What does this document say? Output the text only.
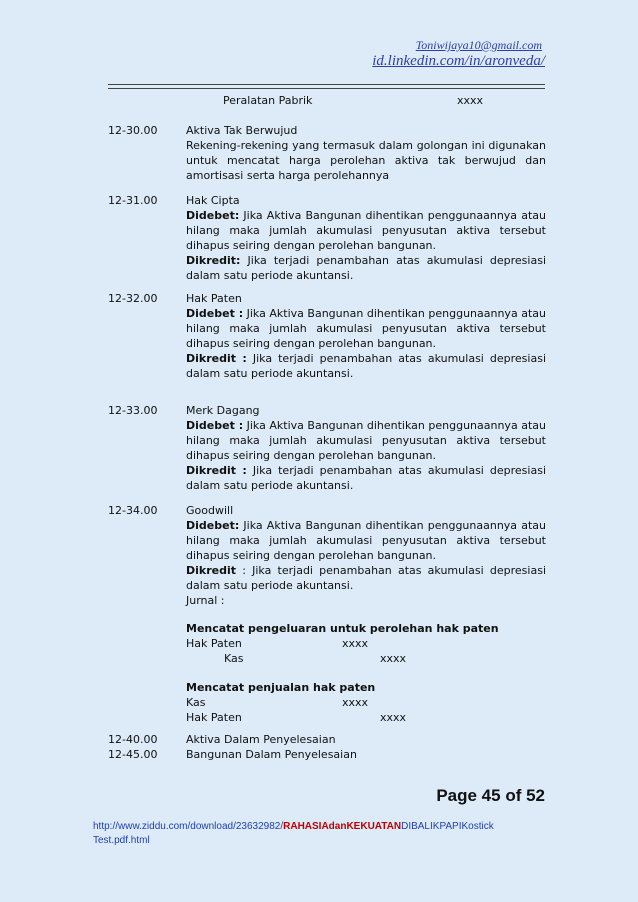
Toniwijaya10@gmail.com
id.linkedin.com/in/aronveda/
Peralatan Pabrik	xxxx
12-30.00	Aktiva Tak Berwujud
Rekening-rekening yang termasuk dalam golongan ini digunakan untuk mencatat harga perolehan aktiva tak berwujud dan amortisasi serta harga perolehannya
12-31.00	Hak Cipta
Didebet: Jika Aktiva Bangunan dihentikan penggunaannya atau hilang maka jumlah akumulasi penyusutan aktiva tersebut dihapus seiring dengan perolehan bangunan.
Dikredit: Jika terjadi penambahan atas akumulasi depresiasi dalam satu periode akuntansi.
12-32.00	Hak Paten
Didebet : Jika Aktiva Bangunan dihentikan penggunaannya atau hilang maka jumlah akumulasi penyusutan aktiva tersebut dihapus seiring dengan perolehan bangunan.
Dikredit : Jika terjadi penambahan atas akumulasi depresiasi dalam satu periode akuntansi.
12-33.00	Merk Dagang
Didebet : Jika Aktiva Bangunan dihentikan penggunaannya atau hilang maka jumlah akumulasi penyusutan aktiva tersebut dihapus seiring dengan perolehan bangunan.
Dikredit : Jika terjadi penambahan atas akumulasi depresiasi dalam satu periode akuntansi.
12-34.00	Goodwill
Didebet: Jika Aktiva Bangunan dihentikan penggunaannya atau hilang maka jumlah akumulasi penyusutan aktiva tersebut dihapus seiring dengan perolehan bangunan.
Dikredit : Jika terjadi penambahan atas akumulasi depresiasi dalam satu periode akuntansi.
Jurnal :
Mencatat pengeluaran untuk perolehan hak paten
Hak Paten	xxxx

Kas	xxxx

Mencatat penjualan hak paten
Kas	xxxx

Hak Paten	xxxx

12-40.00	Aktiva Dalam Penyelesaian
12-45.00	Bangunan Dalam Penyelesaian
Page 45 of 52
http://www.ziddu.com/download/23632982/RAHASIAdanKEKUATANDIBALIKPAPIKostick
Test.pdf.html
